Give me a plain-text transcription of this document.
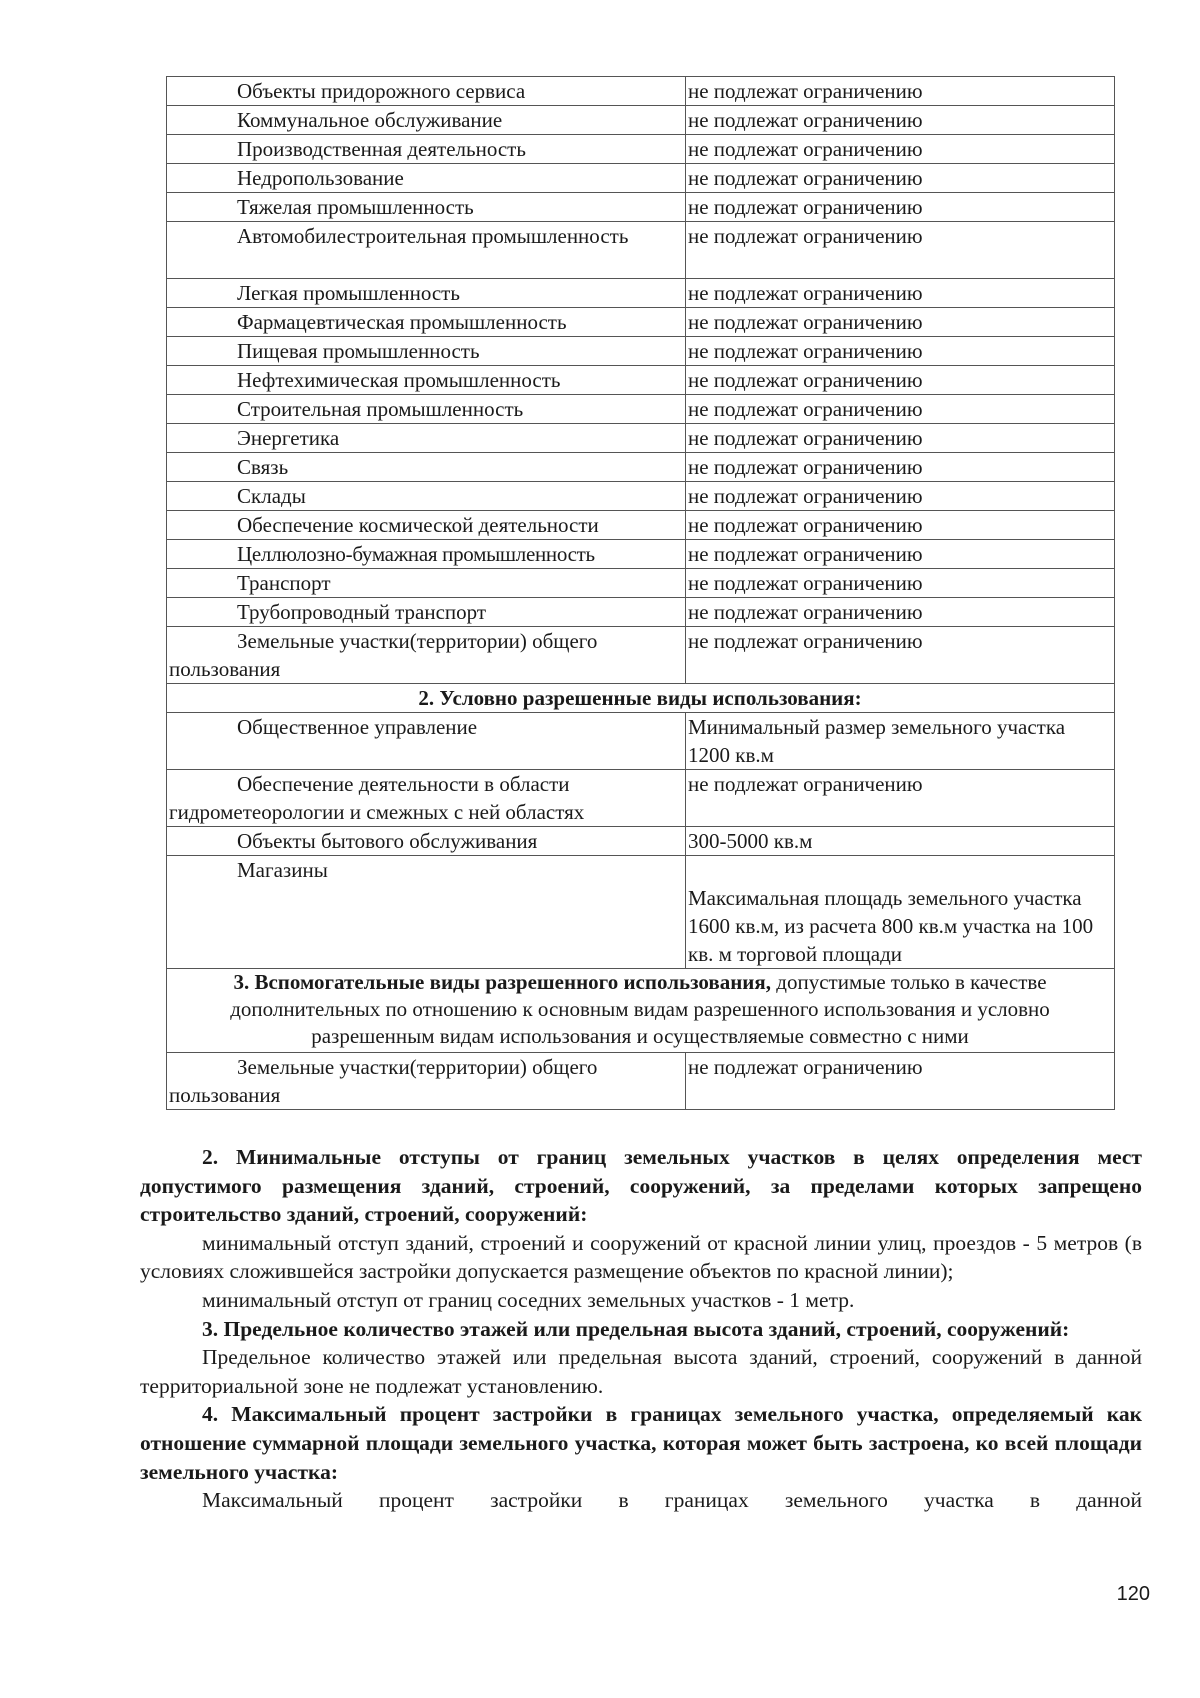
Объекты придорожного сервиса	не подлежат ограничению
Коммунальное обслуживание	не подлежат ограничению
Производственная деятельность	не подлежат ограничению
Недропользование	не подлежат ограничению
Тяжелая промышленность	не подлежат ограничению
Автомобилестроительная промышленность	не подлежат ограничению
Легкая промышленность	не подлежат ограничению
Фармацевтическая промышленность	не подлежат ограничению
Пищевая промышленность	не подлежат ограничению
Нефтехимическая промышленность	не подлежат ограничению
Строительная промышленность	не подлежат ограничению
Энергетика	не подлежат ограничению
Связь	не подлежат ограничению
Склады	не подлежат ограничению
Обеспечение космической деятельности	не подлежат ограничению
Целлюлозно-бумажная промышленность	не подлежат ограничению
Транспорт	не подлежат ограничению
Трубопроводный транспорт	не подлежат ограничению
Земельные участки(территории) общего пользования	не подлежат ограничению
2. Условно разрешенные виды использования:	
Общественное управление	Минимальный размер земельного участка 1200 кв.м
Обеспечение деятельности в области гидрометеорологии и смежных с ней областях	не подлежат ограничению
Объекты бытового обслуживания	300-5000 кв.м
Магазины	Максимальная площадь земельного участка 1600 кв.м, из расчета 800 кв.м участка на 100 кв. м торговой площади
3. Вспомогательные виды разрешенного использования, допустимые только в качестве дополнительных по отношению к основным видам разрешенного использования и условно разрешенным видам использования и осуществляемые совместно с ними	
Земельные участки(территории) общего пользования	не подлежат ограничению

2. Минимальные отступы от границ земельных участков в целях определения мест допустимого размещения зданий, строений, сооружений, за пределами которых запрещено строительство зданий, строений, сооружений:

минимальный отступ зданий, строений и сооружений от красной линии улиц, проездов - 5 метров (в условиях сложившейся застройки допускается размещение объектов по красной линии);

минимальный отступ от границ соседних земельных участков - 1 метр.

3. Предельное количество этажей или предельная высота зданий, строений, сооружений:

Предельное количество этажей или предельная высота зданий, строений, сооружений в данной территориальной зоне не подлежат установлению.

4. Максимальный процент застройки в границах земельного участка, определяемый как отношение суммарной площади земельного участка, которая может быть застроена, ко всей площади земельного участка:

Максимальный процент застройки в границах земельного участка в данной

120
